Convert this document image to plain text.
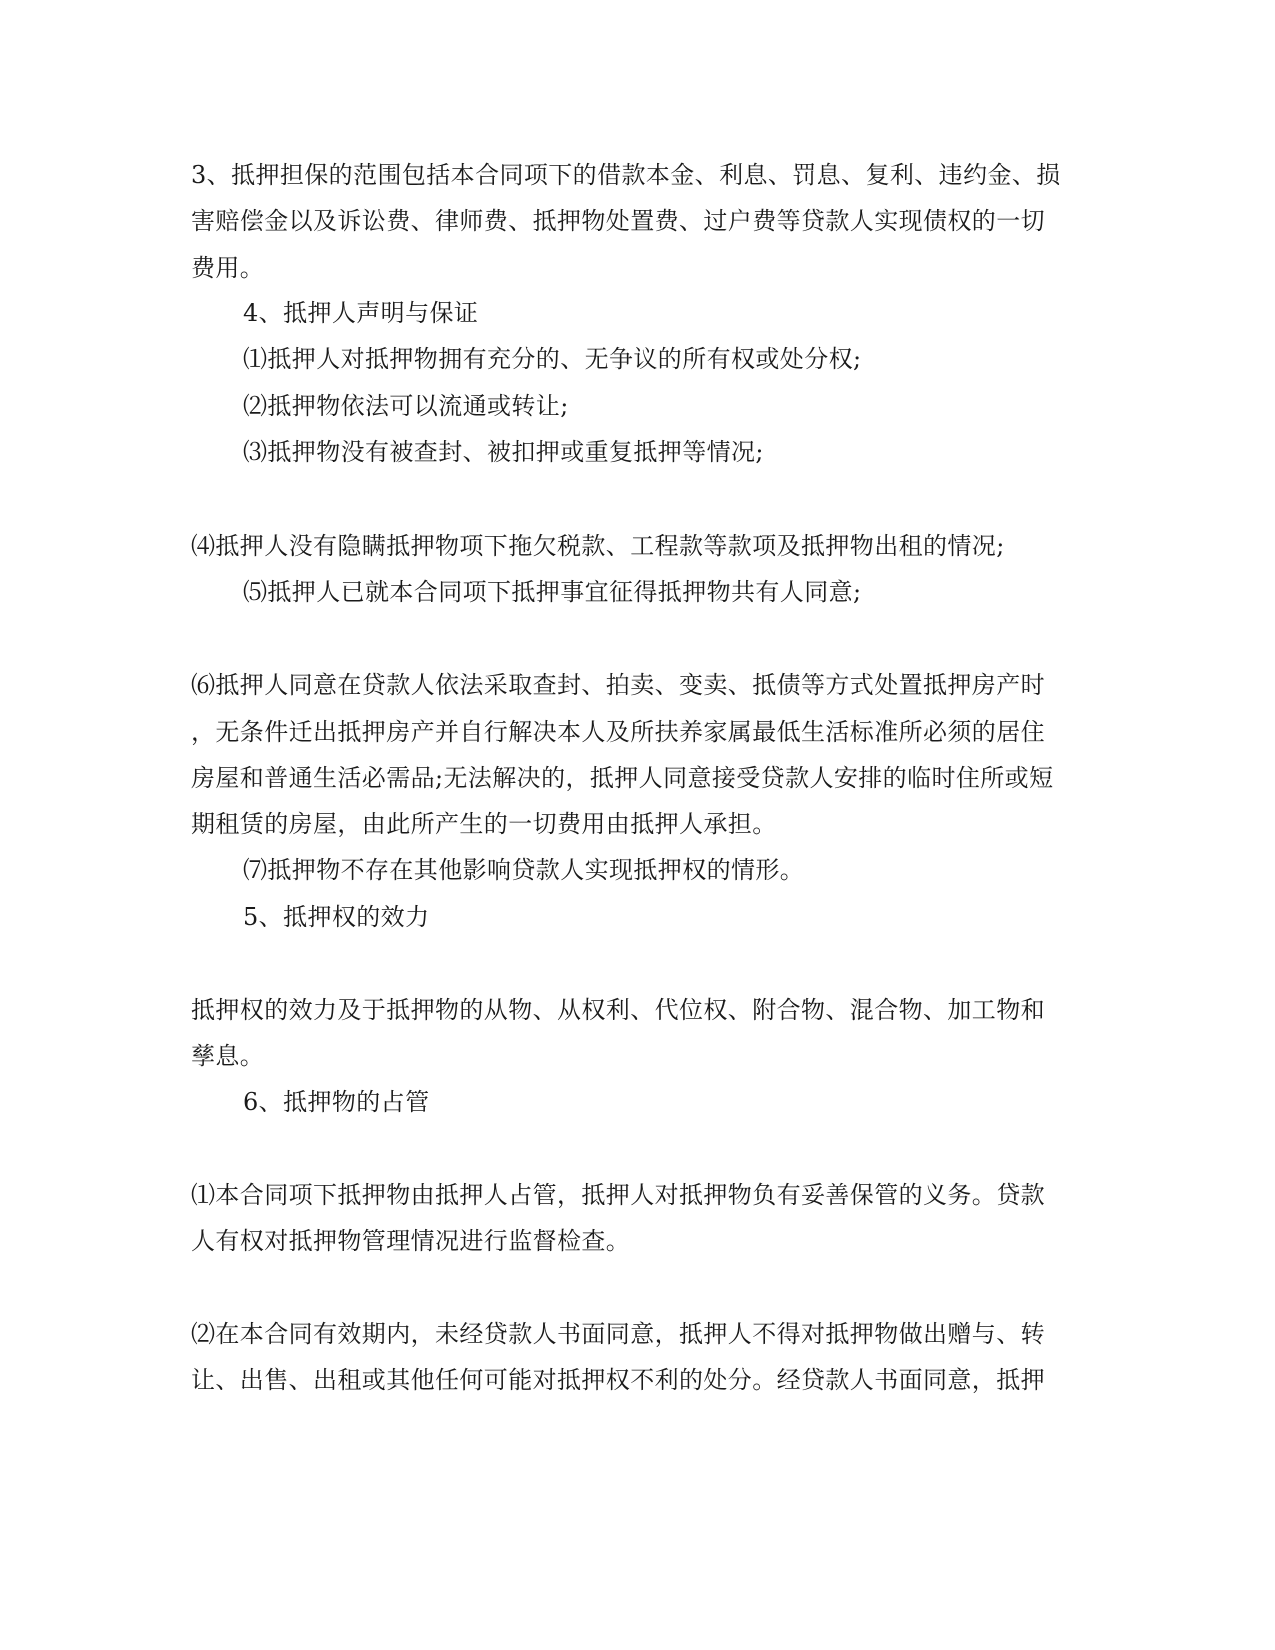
3、抵押担保的范围包括本合同项下的借款本金、利息、罚息、复利、违约金、损
害赔偿金以及诉讼费、律师费、抵押物处置费、过户费等贷款人实现债权的一切
费用。
4、抵押人声明与保证
⑴抵押人对抵押物拥有充分的、无争议的所有权或处分权;
⑵抵押物依法可以流通或转让;
⑶抵押物没有被查封、被扣押或重复抵押等情况;
⑷抵押人没有隐瞒抵押物项下拖欠税款、工程款等款项及抵押物出租的情况;
⑸抵押人已就本合同项下抵押事宜征得抵押物共有人同意;
⑹抵押人同意在贷款人依法采取查封、拍卖、变卖、抵债等方式处置抵押房产时
，无条件迁出抵押房产并自行解决本人及所扶养家属最低生活标准所必须的居住
房屋和普通生活必需品;无法解决的，抵押人同意接受贷款人安排的临时住所或短
期租赁的房屋，由此所产生的一切费用由抵押人承担。
⑺抵押物不存在其他影响贷款人实现抵押权的情形。
5、抵押权的效力
抵押权的效力及于抵押物的从物、从权利、代位权、附合物、混合物、加工物和
孳息。
6、抵押物的占管
⑴本合同项下抵押物由抵押人占管，抵押人对抵押物负有妥善保管的义务。贷款
人有权对抵押物管理情况进行监督检查。
⑵在本合同有效期内，未经贷款人书面同意，抵押人不得对抵押物做出赠与、转
让、出售、出租或其他任何可能对抵押权不利的处分。经贷款人书面同意，抵押
